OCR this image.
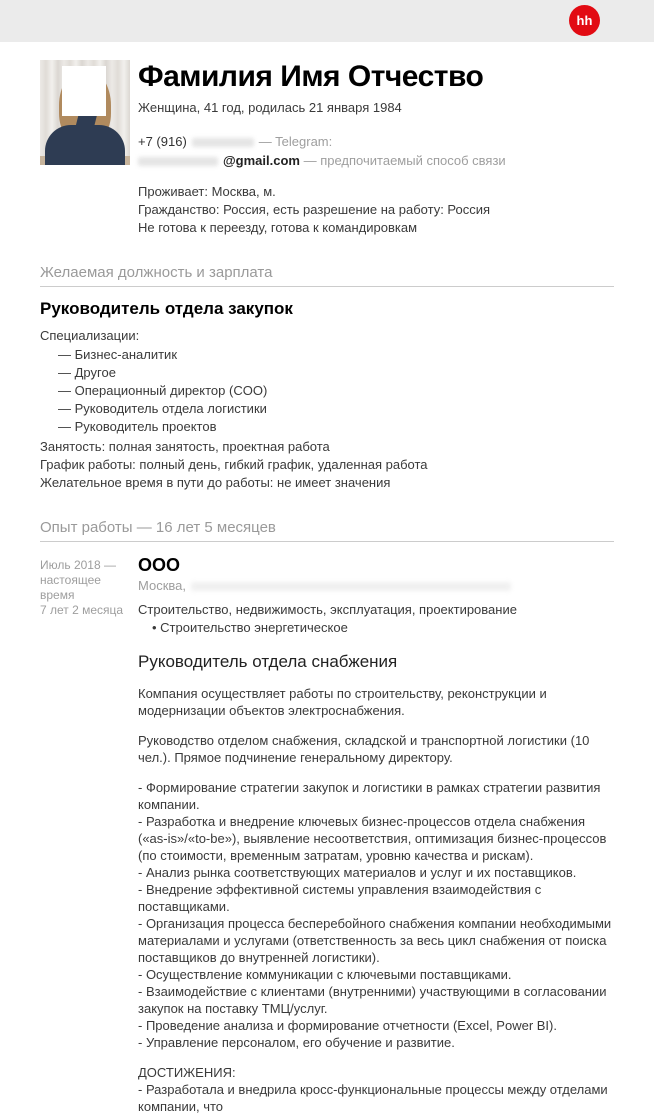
hh
Фамилия Имя Отчество
Женщина, 41 год, родилась 21 января 1984
+7 (916)	— Telegram:
@gmail.com — предпочитаемый способ связи
Проживает: Москва, м.
Гражданство: Россия, есть разрешение на работу: Россия
Не готова к переезду, готова к командировкам
Желаемая должность и зарплата
Руководитель отдела закупок
Специализации:
— Бизнес-аналитик
— Другое
— Операционный директор (COO)
— Руководитель отдела логистики
— Руководитель проектов
Занятость: полная занятость, проектная работа
График работы: полный день, гибкий график, удаленная работа
Желательное время в пути до работы: не имеет значения
Опыт работы — 16 лет 5 месяцев
Июль 2018 —
настоящее время
7 лет 2 месяца
ООО
Москва,
Строительство, недвижимость, эксплуатация, проектирование
• Строительство энергетическое
Руководитель отдела снабжения
Компания осуществляет работы по строительству, реконструкции и модернизации объектов электроснабжения.
Руководство отделом снабжения, складской и транспортной логистики (10 чел.). Прямое подчинение генеральному директору.
- Формирование стратегии закупок и логистики в рамках стратегии развития компании.
- Разработка и внедрение ключевых бизнес-процессов отдела снабжения («as-is»/«to-be»), выявление несоответствия, оптимизация бизнес-процессов (по стоимости, временным затратам, уровню качества и рискам).
- Анализ рынка соответствующих материалов и услуг и их поставщиков.
- Внедрение эффективной системы управления взаимодействия с поставщиками.
- Организация процесса бесперебойного снабжения компании необходимыми материалами и услугами (ответственность за весь цикл снабжения от поиска поставщиков до внутренней логистики).
- Осуществление коммуникации с ключевыми поставщиками.
- Взаимодействие с клиентами (внутренними) участвующими в согласовании закупок на поставку ТМЦ/услуг.
- Проведение анализа и формирование отчетности (Excel, Power BI).
- Управление персоналом, его обучение и развитие.
ДОСТИЖЕНИЯ:
- Разработала и внедрила кросс-функциональные процессы между отделами компании, что
